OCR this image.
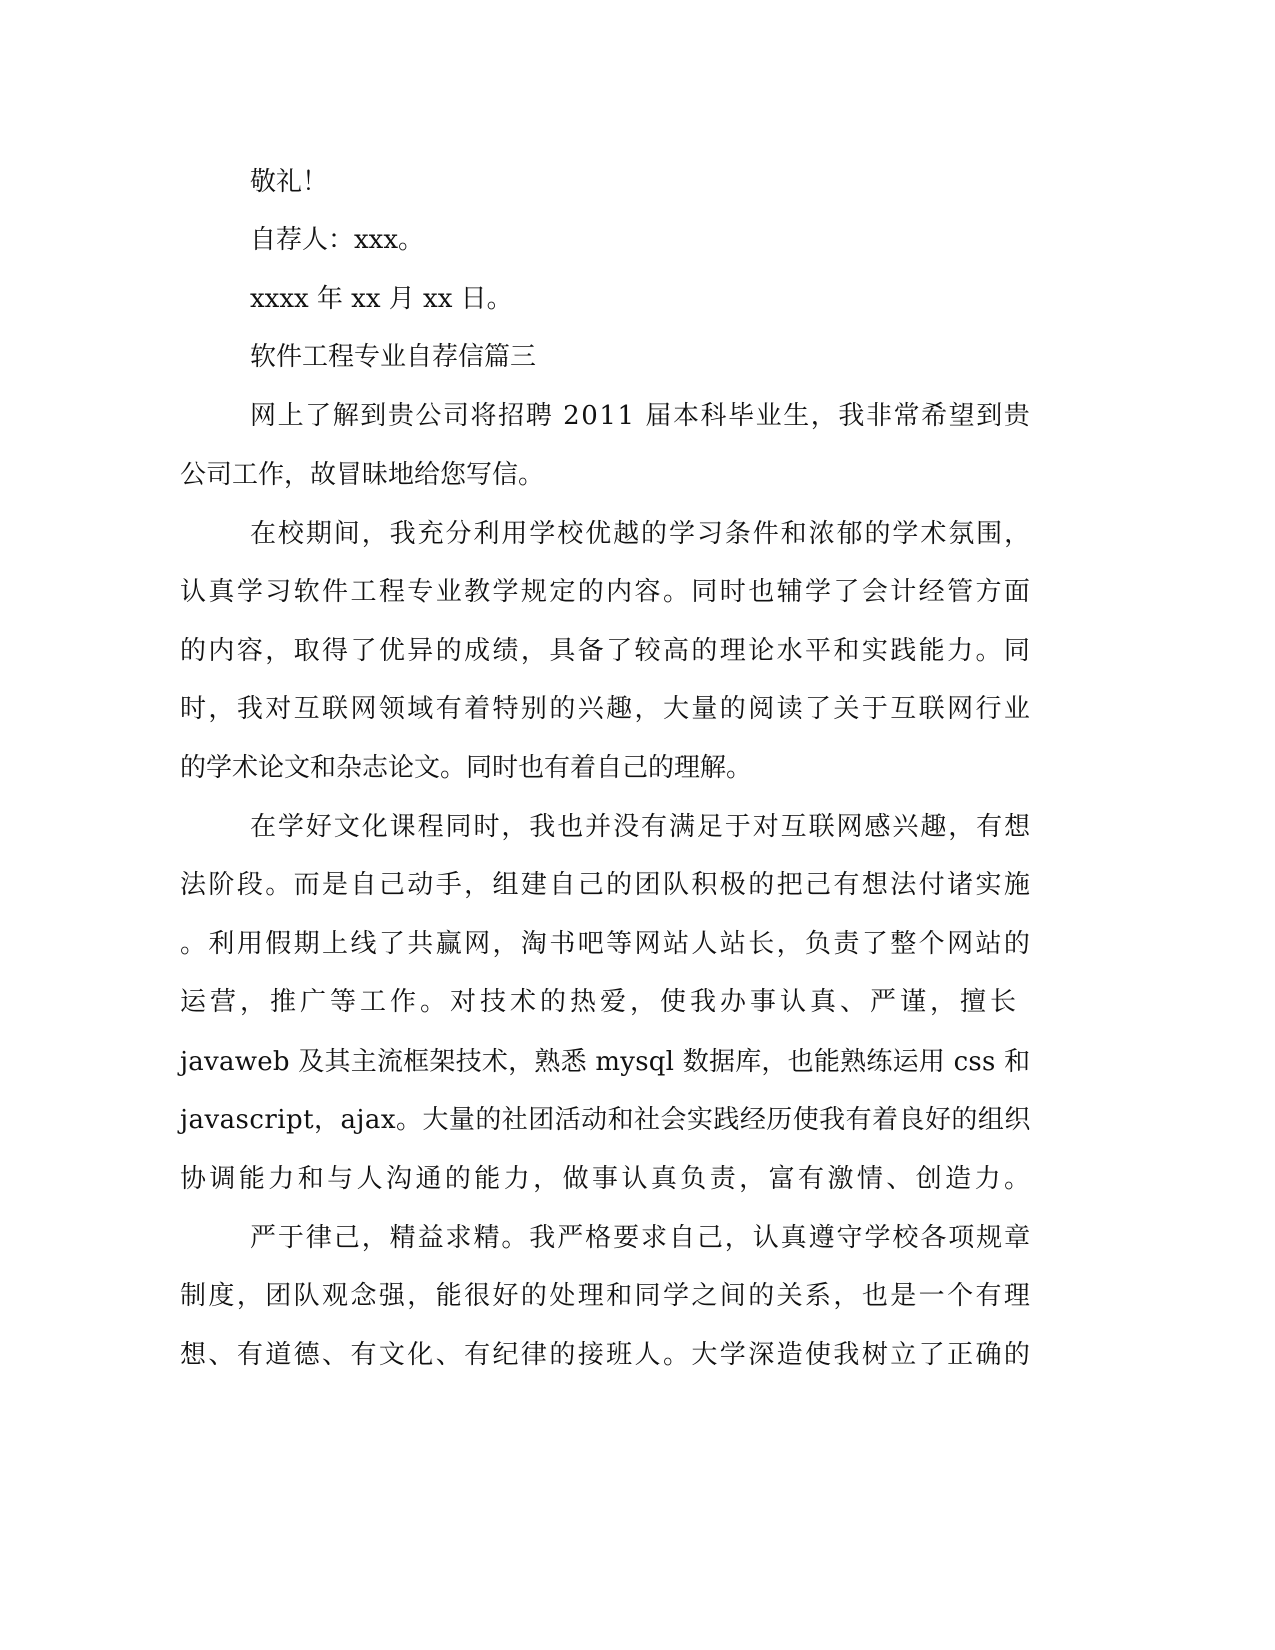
敬礼！
自荐人：xxx。
xxxx 年 xx 月 xx 日。
软件工程专业自荐信篇三
网上了解到贵公司将招聘 2011 届本科毕业生，我非常希望到贵
公司工作，故冒昧地给您写信。
在校期间，我充分利用学校优越的学习条件和浓郁的学术氛围，
认真学习软件工程专业教学规定的内容。同时也辅学了会计经管方面
的内容，取得了优异的成绩，具备了较高的理论水平和实践能力。同
时，我对互联网领域有着特别的兴趣，大量的阅读了关于互联网行业
的学术论文和杂志论文。同时也有着自己的理解。
在学好文化课程同时，我也并没有满足于对互联网感兴趣，有想
法阶段。而是自己动手，组建自己的团队积极的把己有想法付诸实施
。利用假期上线了共赢网，淘书吧等网站人站长，负责了整个网站的
运营，推广等工作。对技术的热爱，使我办事认真、严谨，擅长
javaweb 及其主流框架技术，熟悉 mysql 数据库，也能熟练运用 css 和
javascript，ajax。大量的社团活动和社会实践经历使我有着良好的组织
协调能力和与人沟通的能力，做事认真负责，富有激情、创造力。
严于律己，精益求精。我严格要求自己，认真遵守学校各项规章
制度，团队观念强，能很好的处理和同学之间的关系，也是一个有理
想、有道德、有文化、有纪律的接班人。大学深造使我树立了正确的
